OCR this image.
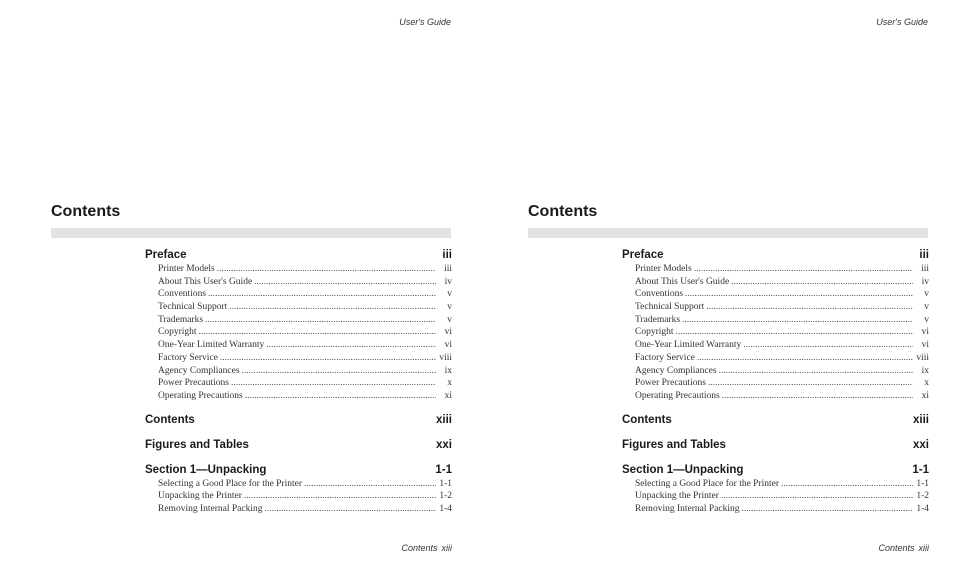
User's Guide
Contents
Preface	iii
Printer Models .....	iii
About This User's Guide .....	iv
Conventions .....	v
Technical Support .....	v
Trademarks .....	v
Copyright .....	vi
One-Year Limited Warranty .....	vi
Factory Service .....	viii
Agency Compliances .....	ix
Power Precautions .....	x
Operating Precautions .....	xi
Contents	xiii
Figures and Tables	xxi
Section 1—Unpacking	1-1
Selecting a Good Place for the Printer .....	1-1
Unpacking the Printer .....	1-2
Removing Internal Packing .....	1-4
Contents xiii
User's Guide
Contents
Preface	iii
Printer Models .....	iii
About This User's Guide .....	iv
Conventions .....	v
Technical Support .....	v
Trademarks .....	v
Copyright .....	vi
One-Year Limited Warranty .....	vi
Factory Service .....	viii
Agency Compliances .....	ix
Power Precautions .....	x
Operating Precautions .....	xi
Contents	xiii
Figures and Tables	xxi
Section 1—Unpacking	1-1
Selecting a Good Place for the Printer .....	1-1
Unpacking the Printer .....	1-2
Removing Internal Packing .....	1-4
Contents xiii
